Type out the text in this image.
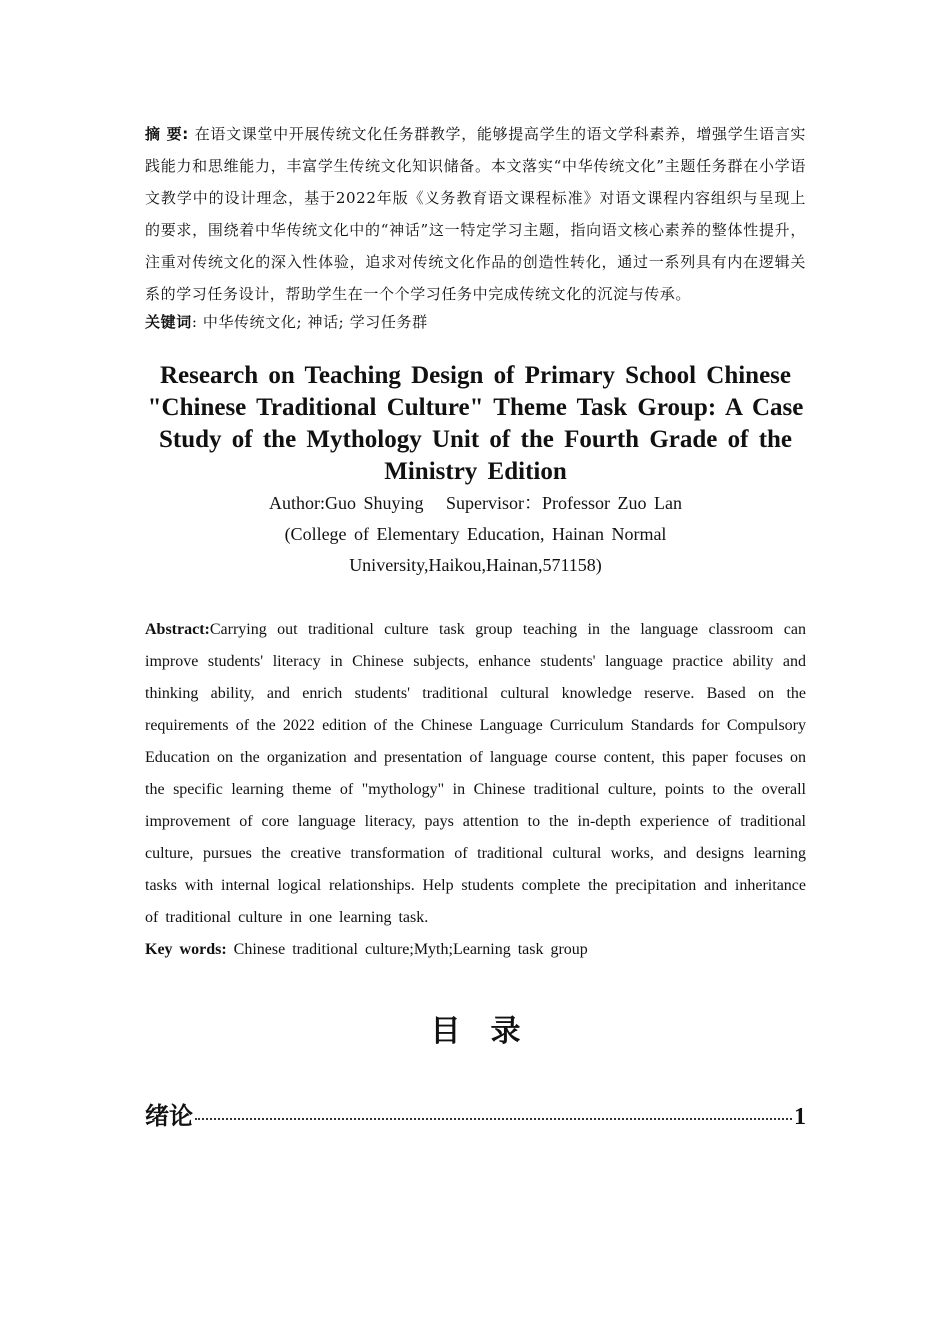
摘 要: 在语文课堂中开展传统文化任务群教学，能够提高学生的语文学科素养，增强学生语言实践能力和思维能力，丰富学生传统文化知识储备。本文落实“中华传统文化”主题任务群在小学语文教学中的设计理念，基于2022年版《义务教育语文课程标准》对语文课程内容组织与呈现上的要求，围绕着中华传统文化中的“神话”这一特定学习主题，指向语文核心素养的整体性提升，注重对传统文化的深入性体验，追求对传统文化作品的创造性转化，通过一系列具有内在逻辑关系的学习任务设计，帮助学生在一个个学习任务中完成传统文化的沉淀与传承。

关键词: 中华传统文化; 神话; 学习任务群

Research on Teaching Design of Primary School Chinese "Chinese Traditional Culture" Theme Task Group: A Case Study of the Mythology Unit of the Fourth Grade of the Ministry Edition

Author:Guo Shuying   Supervisor：Professor Zuo Lan

(College of Elementary Education, Hainan Normal

University,Haikou,Hainan,571158)

Abstract:Carrying out traditional culture task group teaching in the language classroom can improve students' literacy in Chinese subjects, enhance students' language practice ability and thinking ability, and enrich students' traditional cultural knowledge reserve. Based on the requirements of the 2022 edition of the Chinese Language Curriculum Standards for Compulsory Education on the organization and presentation of language course content, this paper focuses on the specific learning theme of "mythology" in Chinese traditional culture, points to the overall improvement of core language literacy, pays attention to the in-depth experience of traditional culture, pursues the creative transformation of traditional cultural works, and designs learning tasks with internal logical relationships. Help students complete the precipitation and inheritance of traditional culture in one learning task.

Key words: Chinese traditional culture;Myth;Learning task group

目录
绪论	1
